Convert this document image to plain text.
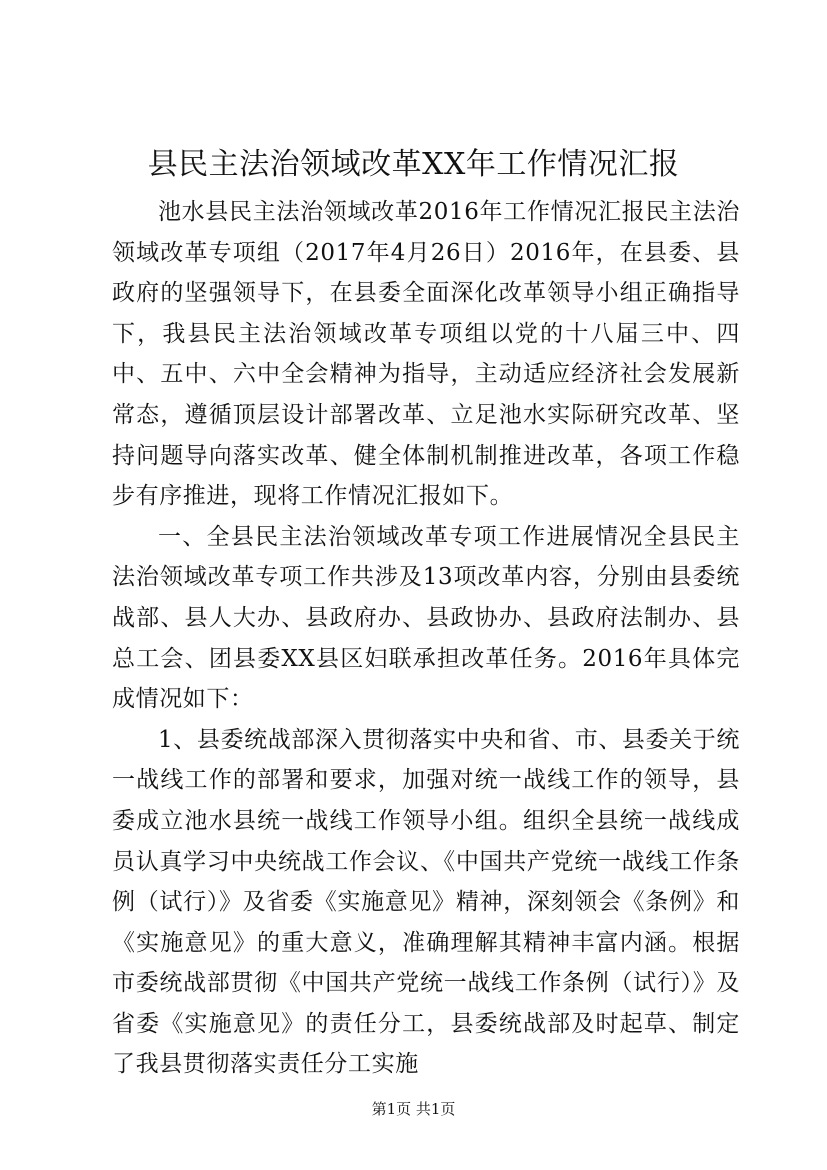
县民主法治领域改革XX年工作情况汇报

池水县民主法治领域改革2016年工作情况汇报民主法治领域改革专项组（2017年4月26日）2016年，在县委、县政府的坚强领导下，在县委全面深化改革领导小组正确指导下，我县民主法治领域改革专项组以党的十八届三中、四中、五中、六中全会精神为指导，主动适应经济社会发展新常态，遵循顶层设计部署改革、立足池水实际研究改革、坚持问题导向落实改革、健全体制机制推进改革，各项工作稳步有序推进，现将工作情况汇报如下。

一、全县民主法治领域改革专项工作进展情况全县民主法治领域改革专项工作共涉及13项改革内容，分别由县委统战部、县人大办、县政府办、县政协办、县政府法制办、县总工会、团县委XX县区妇联承担改革任务。2016年具体完成情况如下：

1、县委统战部深入贯彻落实中央和省、市、县委关于统一战线工作的部署和要求，加强对统一战线工作的领导，县委成立池水县统一战线工作领导小组。组织全县统一战线成员认真学习中央统战工作会议、《中国共产党统一战线工作条例（试行）》及省委《实施意见》精神，深刻领会《条例》和《实施意见》的重大意义，准确理解其精神丰富内涵。根据市委统战部贯彻《中国共产党统一战线工作条例（试行）》及省委《实施意见》的责任分工，县委统战部及时起草、制定了我县贯彻落实责任分工实施

第1页 共1页
